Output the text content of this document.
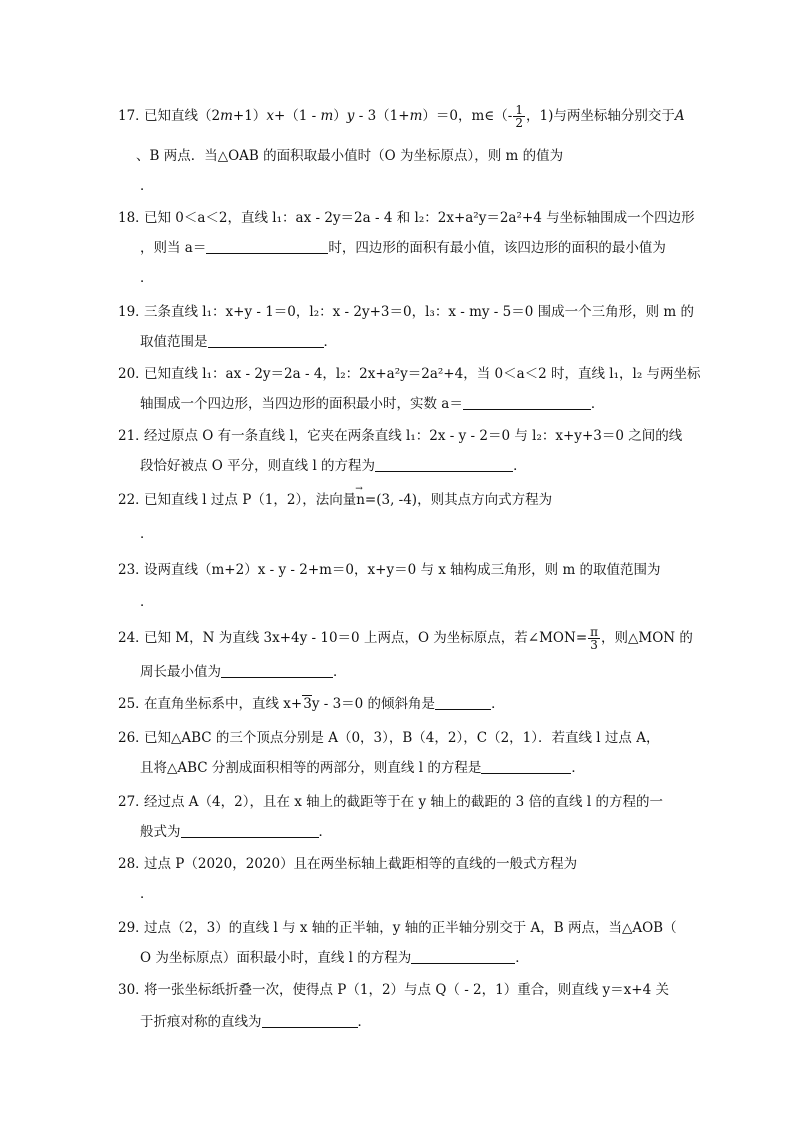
17．已知直线（2m+1）x+（1 - m）y - 3（1+m）＝0，m∈（- $\frac{1}{2}$ ，1)与两坐标轴分别交于A
、B 两点．当△OAB 的面积取最小值时（O 为坐标原点），则 m 的值为
．
18．已知 0＜a＜2，直线 l₁：ax - 2y＝2a - 4 和 l₂：2x+a²y＝2a²+4 与坐标轴围成一个四边形
，则当 a＝	时，四边形的面积有最小值，该四边形的面积的最小值为
．
19．三条直线 l₁：x+y - 1＝0，l₂：x - 2y+3＝0，l₃：x - my - 5＝0 围成一个三角形，则 m 的
取值范围是	．
20．已知直线 l₁：ax - 2y＝2a - 4，l₂：2x+a²y＝2a²+4，当 0＜a＜2 时，直线 l₁，l₂ 与两坐标
轴围成一个四边形，当四边形的面积最小时，实数 a＝	．
21．经过原点 O 有一条直线 l，它夹在两条直线 l₁：2x - y - 2＝0 与 l₂：x+y+3＝0 之间的线
段恰好被点 O 平分，则直线 l 的方程为	．
22．已知直线 l 过点 P（1，2），法向量→ n=(3, -4)，则其点方向式方程为
．
23．设两直线（m+2）x - y - 2+m＝0，x+y＝0 与 x 轴构成三角形，则 m 的取值范围为
．
24．已知 M，N 为直线 3x+4y - 10＝0 上两点，O 为坐标原点，若∠MON= $\frac{\pi}{3}$ ，则△MON 的
周长最小值为	．
25．在直角坐标系中，直线 x+3y - 3＝0 的倾斜角是	．
26．已知△ABC 的三个顶点分别是 A（0，3），B（4，2），C（2，1）．若直线 l 过点 A，
且将△ABC 分割成面积相等的两部分，则直线 l 的方程是	．
27．经过点 A（4，2），且在 x 轴上的截距等于在 y 轴上的截距的 3 倍的直线 l 的方程的一
般式为	．
28．过点 P（2020，2020）且在两坐标轴上截距相等的直线的一般式方程为
．
29．过点（2，3）的直线 l 与 x 轴的正半轴，y 轴的正半轴分别交于 A，B 两点，当△AOB（
O 为坐标原点）面积最小时，直线 l 的方程为	．
30．将一张坐标纸折叠一次，使得点 P（1，2）与点 Q（ - 2，1）重合，则直线 y＝x+4 关
于折痕对称的直线为	．
